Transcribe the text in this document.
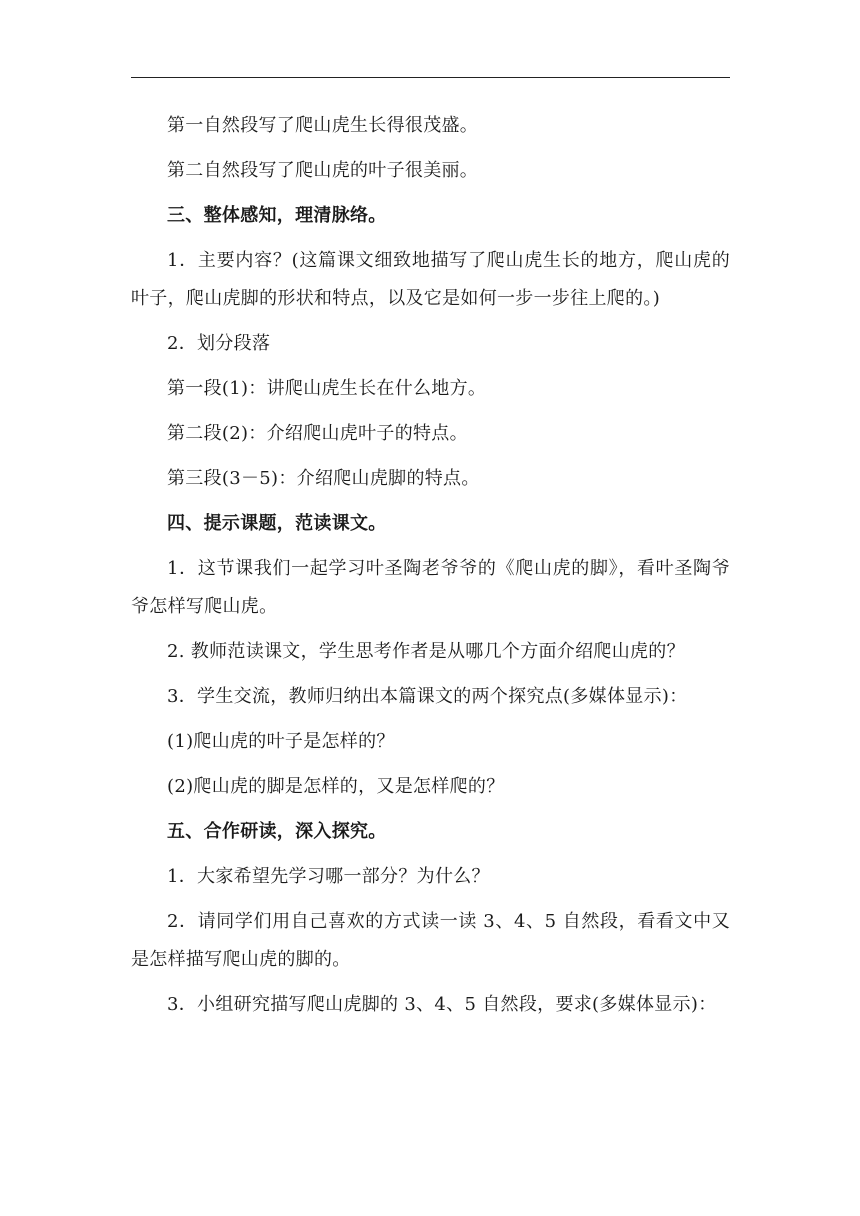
第一自然段写了爬山虎生长得很茂盛。

第二自然段写了爬山虎的叶子很美丽。

三、整体感知，理清脉络。

1．主要内容？(这篇课文细致地描写了爬山虎生长的地方，爬山虎的叶子，爬山虎脚的形状和特点，以及它是如何一步一步往上爬的。)

2．划分段落

第一段(1)：讲爬山虎生长在什么地方。

第二段(2)：介绍爬山虎叶子的特点。

第三段(3－5)：介绍爬山虎脚的特点。

四、提示课题，范读课文。

1．这节课我们一起学习叶圣陶老爷爷的《爬山虎的脚》，看叶圣陶爷爷怎样写爬山虎。

2. 教师范读课文，学生思考作者是从哪几个方面介绍爬山虎的？

3．学生交流，教师归纳出本篇课文的两个探究点(多媒体显示)：

(1)爬山虎的叶子是怎样的？

(2)爬山虎的脚是怎样的，又是怎样爬的？

五、合作研读，深入探究。

1．大家希望先学习哪一部分？为什么？

2．请同学们用自己喜欢的方式读一读 3、4、5 自然段，看看文中又是怎样描写爬山虎的脚的。

3．小组研究描写爬山虎脚的 3、4、5 自然段，要求(多媒体显示)：
